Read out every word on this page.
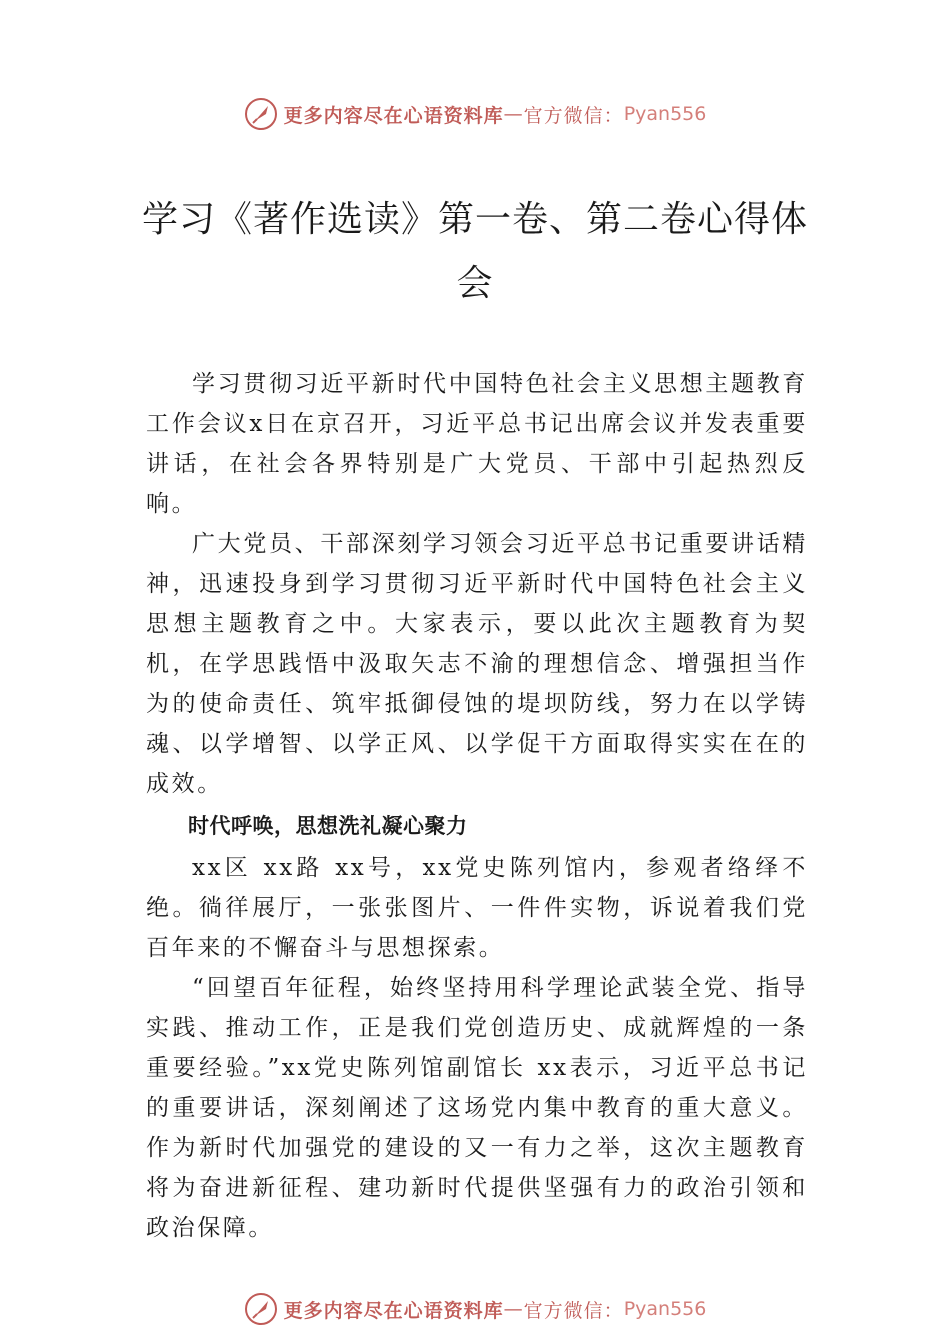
更多内容尽在心语资料库 — 官方微信： Pyan556
学习《著作选读》第一卷、第二卷心得体会

学习贯彻习近平新时代中国特色社会主义思想主题教育工作会议x日在京召开，习近平总书记出席会议并发表重要讲话，在社会各界特别是广大党员、干部中引起热烈反响。

广大党员、干部深刻学习领会习近平总书记重要讲话精神，迅速投身到学习贯彻习近平新时代中国特色社会主义思想主题教育之中。大家表示，要以此次主题教育为契机，在学思践悟中汲取矢志不渝的理想信念、增强担当作为的使命责任、筑牢抵御侵蚀的堤坝防线，努力在以学铸魂、以学增智、以学正风、以学促干方面取得实实在在的成效。

时代呼唤，思想洗礼凝心聚力

xx区 xx路 xx号，xx党史陈列馆内，参观者络绎不绝。徜徉展厅，一张张图片、一件件实物，诉说着我们党百年来的不懈奋斗与思想探索。

“回望百年征程，始终坚持用科学理论武装全党、指导实践、推动工作，正是我们党创造历史、成就辉煌的一条重要经验。”xx党史陈列馆副馆长 xx表示，习近平总书记的重要讲话，深刻阐述了这场党内集中教育的重大意义。作为新时代加强党的建设的又一有力之举，这次主题教育将为奋进新征程、建功新时代提供坚强有力的政治引领和政治保障。

更多内容尽在心语资料库 — 官方微信： Pyan556
